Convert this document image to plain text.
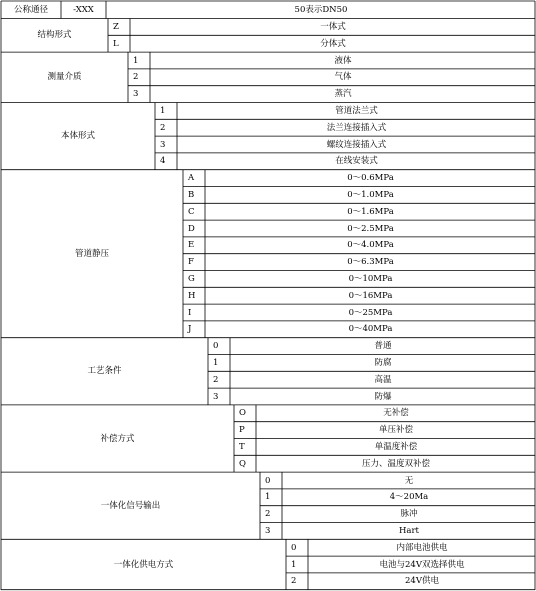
公称通径	-XXX	50表示DN50
结构形式
Z	一体式
L	分体式
测量介质
1	液体
2	气体
3	蒸汽
本体形式
1	管道法兰式
2	法兰连接插入式
3	螺纹连接插入式
4	在线安装式
管道静压
A	0～0.6MPa
B	0～1.0MPa
C	0～1.6MPa
D	0～2.5MPa
E	0～4.0MPa
F	0～6.3MPa
G	0～10MPa
H	0～16MPa
I	0～25MPa
J	0～40MPa
工艺条件
0	普通
1	防腐
2	高温
3	防爆
补偿方式
O	无补偿
P	单压补偿
T	单温度补偿
Q	压力、温度双补偿
一体化信号输出
0	无
1	4～20Ma
2	脉冲
3	Hart
一体化供电方式
0	内部电池供电
1	电池与24V双选择供电
2	24V供电
